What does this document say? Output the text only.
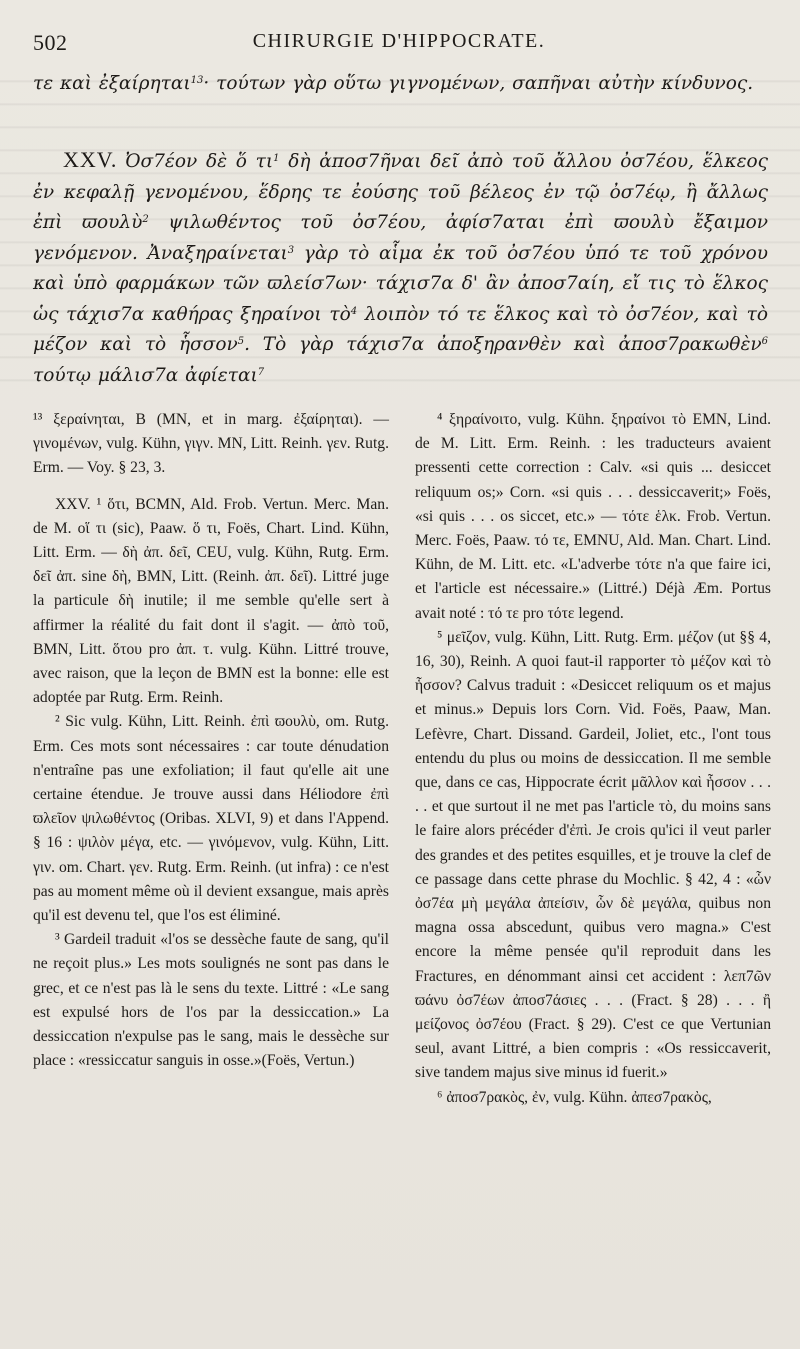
502	CHIRURGIE D'HIPPOCRATE.
τε καὶ ἐξαίρηται$^{13}$· τούτων γὰρ οὕτω γιγνομένων, σαπῆναι αὐτὴν κίνδυνος.
XXV. Ὀσ7έον δὲ ὅ $\tau\iota^1$ δὴ ἀποσ7ῆναι δεῖ ἀπὸ τοῦ ἄλλου ὀσ7έου, ἕλκεος ἐν κεφαλῇ γενομένου, ἕδρης τε ἐούσης τοῦ βέλεος ἐν τῷ ὀσ7έῳ, ἢ ἄλλως ἐπὶ ϖουλὺ$^2$ ψιλωθέντος τοῦ ὀσ7έου, ἀφίσ7αται ἐπὶ ϖουλὺ ἔξαιμον γενόμενον. Ἀναξηραίνεται$^3$ γὰρ τὸ αἷμα ἐκ τοῦ ὀσ7έου ὑπό τε τοῦ χρόνου καὶ ὑπὸ φαρμάκων τῶν ϖλείσ7ων· τάχισ7α δ' ἂν ἀποσ7αίη, εἴ τις τὸ ἕλκος ὡς τάχισ7α καθήρας ξηραίνοι τὸ$^4$ λοιπὸν τό τε ἕλκος καὶ τὸ ὀσ7έον, καὶ τὸ μέζον καὶ τὸ ἧσσον$^5$. Τὸ γὰρ τάχισ7α ἀποξηρανθὲν καὶ ἀποσ7ρακωθὲν$^6$ τούτῳ μάλισ7α ἀφίεται$^7$

¹³ ξεραίνηται, B (MN, et in marg. ἐξαίρηται). — γινομένων, vulg. Kühn, γιγν. MN, Litt. Reinh. γεν. Rutg. Erm. — Voy. § 23, 3.

XXV. ¹ ὅτι, BCMN, Ald. Frob. Vertun. Merc. Man. de M. οἵ τι (sic), Paaw. ὅ τι, Foës, Chart. Lind. Kühn, Litt. Erm. — δὴ ἀπ. δεῖ, CEU, vulg. Kühn, Rutg. Erm. δεῖ ἀπ. sine δὴ, BMN, Litt. (Reinh. ἀπ. δεῖ). Littré juge la particule δὴ inutile; il me semble qu'elle sert à affirmer la réalité du fait dont il s'agit. — ἀπὸ τοῦ, BMN, Litt. ὅτου pro ἀπ. τ. vulg. Kühn. Littré trouve, avec raison, que la leçon de BMN est la bonne: elle est adoptée par Rutg. Erm. Reinh.

² Sic vulg. Kühn, Litt. Reinh. ἐπὶ ϖουλὺ, om. Rutg. Erm. Ces mots sont nécessaires : car toute dénudation n'entraîne pas une exfoliation; il faut qu'elle ait une certaine étendue. Je trouve aussi dans Héliodore ἐπὶ ϖλεῖον ψιλωθέντος (Oribas. XLVI, 9) et dans l'Append. § 16 : ψιλὸν μέγα, etc. — γινόμενον, vulg. Kühn, Litt. γιν. om. Chart. γεν. Rutg. Erm. Reinh. (ut infra) : ce n'est pas au moment même où il devient exsangue, mais après qu'il est devenu tel, que l'os est éliminé.

³ Gardeil traduit «l'os se dessèche faute de sang, qu'il ne reçoit plus.» Les mots soulignés ne sont pas dans le grec, et ce n'est pas là le sens du texte. Littré : «Le sang est expulsé hors de l'os par la dessiccation.» La dessiccation n'expulse pas le sang, mais le dessèche sur place : «ressiccatur sanguis in osse.»(Foës, Vertun.)

⁴ ξηραίνοιτο, vulg. Kühn. ξηραίνοι τὸ EMN, Lind. de M. Litt. Erm. Reinh. : les traducteurs avaient pressenti cette correction : Calv. «si quis ... desiccet reliquum os;» Corn. «si quis . . . dessiccaverit;» Foës, «si quis . . . os siccet, etc.» — τότε ἑλκ. Frob. Vertun. Merc. Foës, Paaw. τό τε, EMNU, Ald. Man. Chart. Lind. Kühn, de M. Litt. etc. «L'adverbe τότε n'a que faire ici, et l'article est nécessaire.» (Littré.) Déjà Æm. Portus avait noté : τό τε pro τότε legend.

⁵ μεῖζον, vulg. Kühn, Litt. Rutg. Erm. μέζον (ut §§ 4, 16, 30), Reinh. A quoi faut-il rapporter τὸ μέζον καὶ τὸ ἧσσον? Calvus traduit : «Desiccet reliquum os et majus et minus.» Depuis lors Corn. Vid. Foës, Paaw, Man. Lefèvre, Chart. Dissand. Gardeil, Joliet, etc., l'ont tous entendu du plus ou moins de dessiccation. Il me semble que, dans ce cas, Hippocrate écrit μᾶλλον καὶ ἧσσον . . . . . et que surtout il ne met pas l'article τὸ, du moins sans le faire alors précéder d'ἐπὶ. Je crois qu'ici il veut parler des grandes et des petites esquilles, et je trouve la clef de ce passage dans cette phrase du Mochlic. § 42, 4 : «ὧν ὀσ7έα μὴ μεγάλα ἀπείσιν, ὧν δὲ μεγάλα, quibus non magna ossa abscedunt, quibus vero magna.» C'est encore la même pensée qu'il reproduit dans les Fractures, en dénommant ainsi cet accident : λεπ7ῶν ϖάνυ ὀσ7έων ἀποσ7άσιες . . . (Fract. § 28) . . . ἢ μείζονος ὀσ7έου (Fract. § 29). C'est ce que Vertunian seul, avant Littré, a bien compris : «Os ressiccaverit, sive tandem majus sive minus id fuerit.»

⁶ ἀποσ7ρακὸς, ἐν, vulg. Kühn. ἀπεσ7ρακὸς,
